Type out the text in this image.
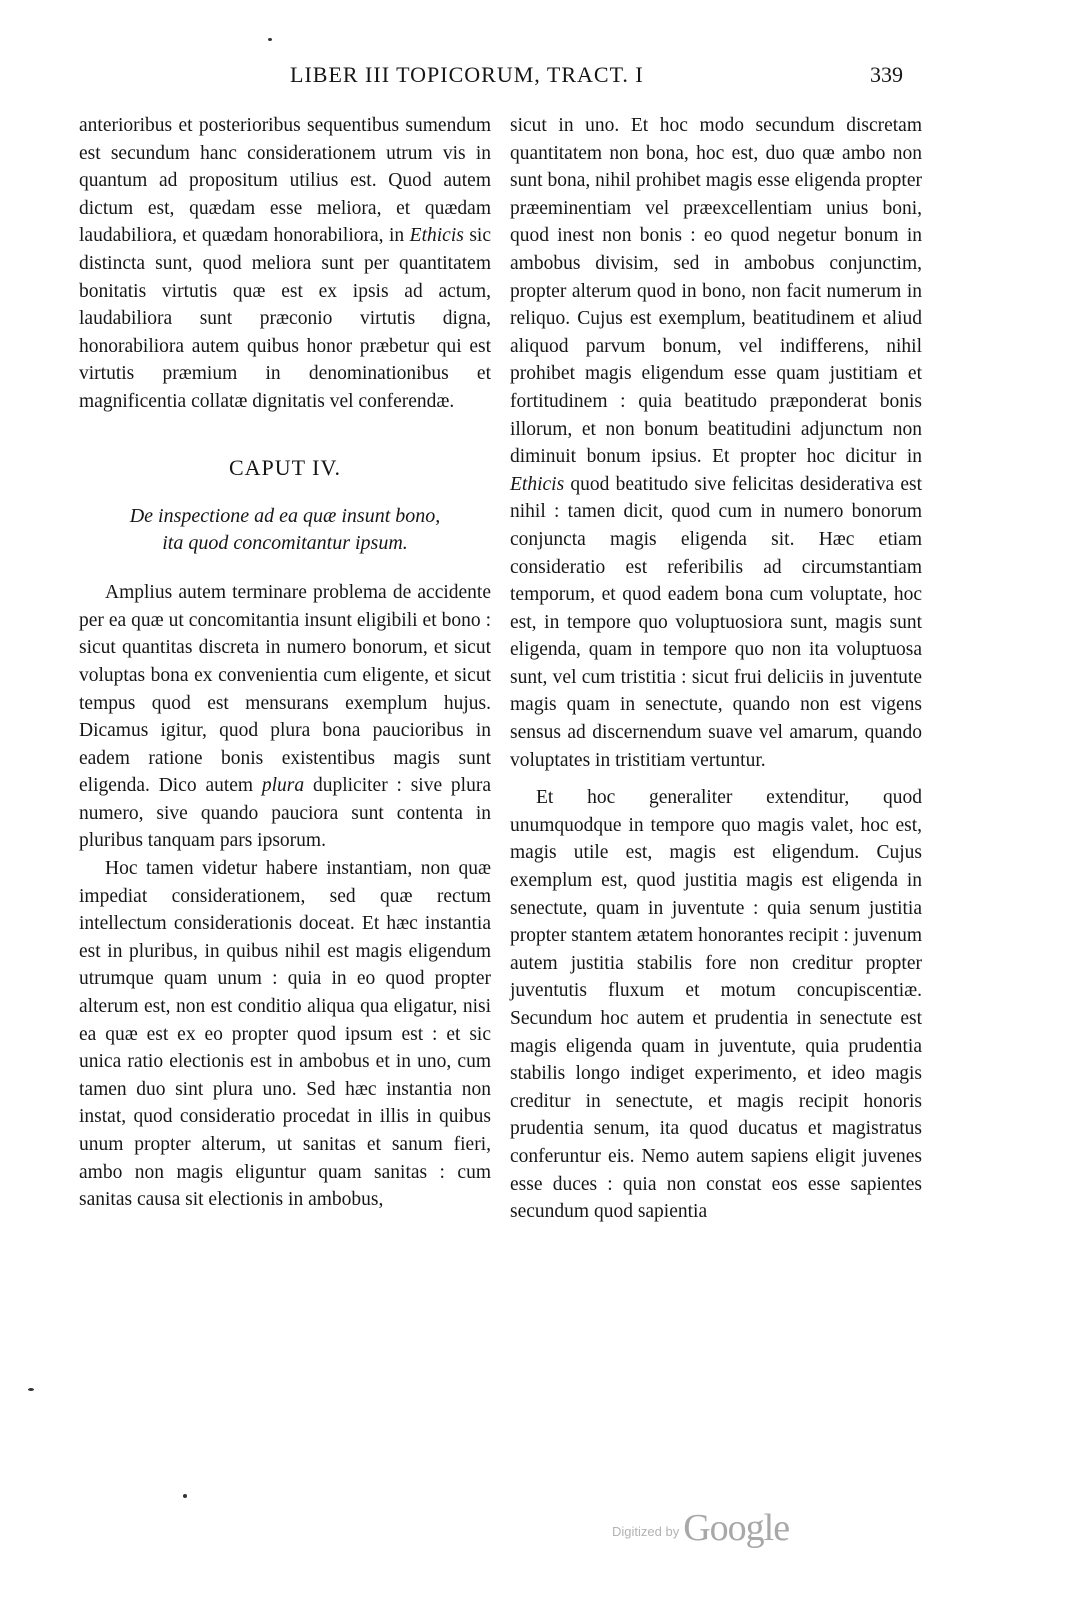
LIBER III TOPICORUM, TRACT. I	339

anterioribus et posterioribus sequentibus sumendum est secundum hanc considerationem utrum vis in quantum ad propositum utilius est. Quod autem dictum est, quædam esse meliora, et quædam laudabiliora, et quædam honorabiliora, in Ethicis sic distincta sunt, quod meliora sunt per quantitatem bonitatis virtutis quæ est ex ipsis ad actum, laudabiliora sunt præconio virtutis digna, honorabiliora autem quibus honor præbetur qui est virtutis præmium in denominationibus et magnificentia collatæ dignitatis vel conferendæ.

CAPUT IV.
De inspectione ad ea quæ insunt bono,
ita quod concomitantur ipsum.

Amplius autem terminare problema de accidente per ea quæ ut concomitantia insunt eligibili et bono : sicut quantitas discreta in numero bonorum, et sicut voluptas bona ex convenientia cum eligente, et sicut tempus quod est mensurans exemplum hujus. Dicamus igitur, quod plura bona paucioribus in eadem ratione bonis existentibus magis sunt eligenda. Dico autem plura dupliciter : sive plura numero, sive quando pauciora sunt contenta in pluribus tanquam pars ipsorum.

Hoc tamen videtur habere instantiam, non quæ impediat considerationem, sed quæ rectum intellectum considerationis doceat. Et hæc instantia est in pluribus, in quibus nihil est magis eligendum utrumque quam unum : quia in eo quod propter alterum est, non est conditio aliqua qua eligatur, nisi ea quæ est ex eo propter quod ipsum est : et sic unica ratio electionis est in ambobus et in uno, cum tamen duo sint plura uno. Sed hæc instantia non instat, quod consideratio procedat in illis in quibus unum propter alterum, ut sanitas et sanum fieri, ambo non magis eliguntur quam sanitas : cum sanitas causa sit electionis in ambobus,

sicut in uno. Et hoc modo secundum discretam quantitatem non bona, hoc est, duo quæ ambo non sunt bona, nihil prohibet magis esse eligenda propter præeminentiam vel præexcellentiam unius boni, quod inest non bonis : eo quod negetur bonum in ambobus divisim, sed in ambobus conjunctim, propter alterum quod in bono, non facit numerum in reliquo. Cujus est exemplum, beatitudinem et aliud aliquod parvum bonum, vel indifferens, nihil prohibet magis eligendum esse quam justitiam et fortitudinem : quia beatitudo præponderat bonis illorum, et non bonum beatitudini adjunctum non diminuit bonum ipsius. Et propter hoc dicitur in Ethicis quod beatitudo sive felicitas desiderativa est nihil : tamen dicit, quod cum in numero bonorum conjuncta magis eligenda sit. Hæc etiam consideratio est referibilis ad circumstantiam temporum, et quod eadem bona cum voluptate, hoc est, in tempore quo voluptuosiora sunt, magis sunt eligenda, quam in tempore quo non ita voluptuosa sunt, vel cum tristitia : sicut frui deliciis in juventute magis quam in senectute, quando non est vigens sensus ad discernendum suave vel amarum, quando voluptates in tristitiam vertuntur.

Et hoc generaliter extenditur, quod unumquodque in tempore quo magis valet, hoc est, magis utile est, magis est eligendum. Cujus exemplum est, quod justitia magis est eligenda in senectute, quam in juventute : quia senum justitia propter stantem ætatem honorantes recipit : juvenum autem justitia stabilis fore non creditur propter juventutis fluxum et motum concupiscentiæ. Secundum hoc autem et prudentia in senectute est magis eligenda quam in juventute, quia prudentia stabilis longo indiget experimento, et ideo magis creditur in senectute, et magis recipit honoris prudentia senum, ita quod ducatus et magistratus conferuntur eis. Nemo autem sapiens eligit juvenes esse duces : quia non constat eos esse sapientes secundum quod sapientia

$^{Digitized by}$ Google
